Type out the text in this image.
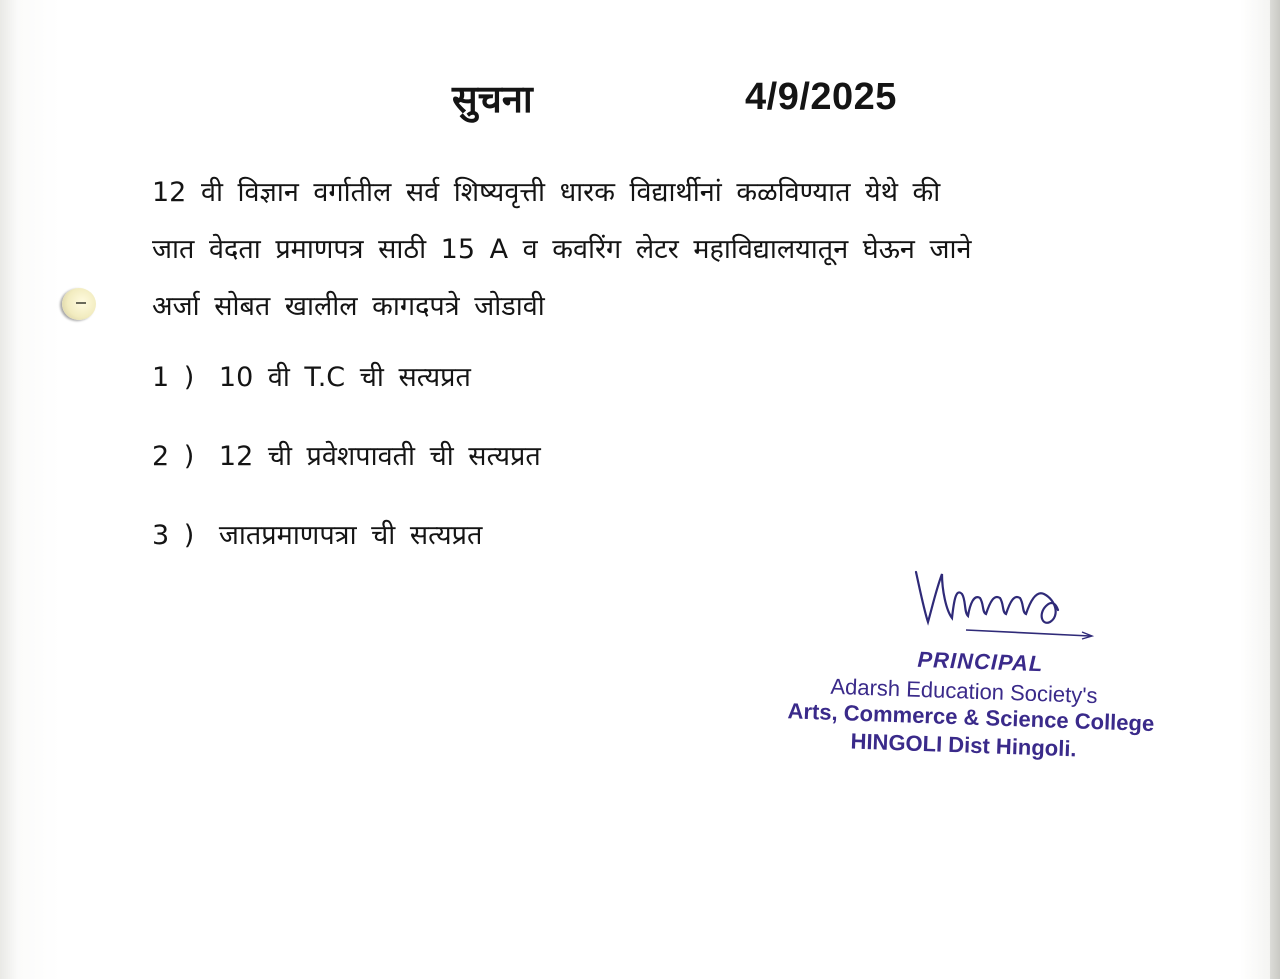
सुचना	4/9/2025
12 वी विज्ञान वर्गातील सर्व शिष्यवृत्ती धारक विद्यार्थीनां कळविण्यात येथे की
जात वेदता प्रमाणपत्र साठी 15 A व कवरिंग लेटर महाविद्यालयातून घेऊन जाने
अर्जा सोबत खालील कागदपत्रे जोडावी
1 ) 10 वी T.C ची सत्यप्रत
2 ) 12 ची प्रवेशपावती ची सत्यप्रत
3 ) जातप्रमाणपत्रा ची सत्यप्रत
PRINCIPAL
Adarsh Education Society's
Arts, Commerce & Science College
HINGOLI Dist Hingoli.
